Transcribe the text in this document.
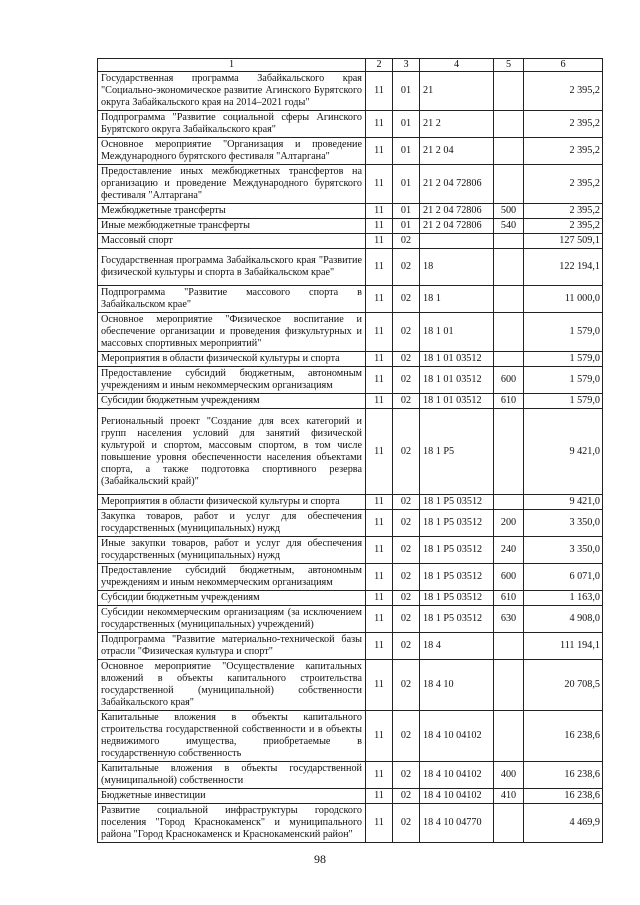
1	2	3	4	5	6
Государственная программа Забайкальского края "Социально-экономическое развитие Агинского Бурятского округа Забайкальского края на 2014–2021 годы"	11	01	21		2 395,2
Подпрограмма "Развитие социальной сферы Агинского Бурятского округа Забайкальского края"	11	01	21 2		2 395,2
Основное мероприятие "Организация и проведение Международного бурятского фестиваля "Алтаргана"	11	01	21 2 04		2 395,2
Предоставление иных межбюджетных трансфертов на организацию и проведение Международного бурятского фестиваля "Алтаргана"	11	01	21 2 04 72806		2 395,2
Межбюджетные трансферты	11	01	21 2 04 72806	500	2 395,2
Иные межбюджетные трансферты	11	01	21 2 04 72806	540	2 395,2
Массовый спорт	11	02			127 509,1
Государственная программа Забайкальского края "Развитие физической культуры и спорта в Забайкальском крае"	11	02	18		122 194,1
Подпрограмма "Развитие массового спорта в Забайкальском крае"	11	02	18 1		11 000,0
Основное мероприятие "Физическое воспитание и обеспечение организации и проведения физкультурных и массовых спортивных мероприятий"	11	02	18 1 01		1 579,0
Мероприятия в области физической культуры и спорта	11	02	18 1 01 03512		1 579,0
Предоставление субсидий бюджетным, автономным учреждениям и иным некоммерческим организациям	11	02	18 1 01 03512	600	1 579,0
Субсидии бюджетным учреждениям	11	02	18 1 01 03512	610	1 579,0
Региональный проект "Создание для всех категорий и групп населения условий для занятий физической культурой и спортом, массовым спортом, в том числе повышение уровня обеспеченности населения объектами спорта, а также подготовка спортивного резерва (Забайкальский край)"	11	02	18 1 P5		9 421,0
Мероприятия в области физической культуры и спорта	11	02	18 1 P5 03512		9 421,0
Закупка товаров, работ и услуг для обеспечения государственных (муниципальных) нужд	11	02	18 1 P5 03512	200	3 350,0
Иные закупки товаров, работ и услуг для обеспечения государственных (муниципальных) нужд	11	02	18 1 P5 03512	240	3 350,0
Предоставление субсидий бюджетным, автономным учреждениям и иным некоммерческим организациям	11	02	18 1 P5 03512	600	6 071,0
Субсидии бюджетным учреждениям	11	02	18 1 P5 03512	610	1 163,0
Субсидии некоммерческим организациям (за исключением государственных (муниципальных) учреждений)	11	02	18 1 P5 03512	630	4 908,0
Подпрограмма "Развитие материально-технической базы отрасли "Физическая культура и спорт"	11	02	18 4		111 194,1
Основное мероприятие "Осуществление капитальных вложений в объекты капитального строительства государственной (муниципальной) собственности Забайкальского края"	11	02	18 4 10		20 708,5
Капитальные вложения в объекты капитального строительства государственной собственности и в объекты недвижимого имущества, приобретаемые в государственную собственность	11	02	18 4 10 04102		16 238,6
Капитальные вложения в объекты государственной (муниципальной) собственности	11	02	18 4 10 04102	400	16 238,6
Бюджетные инвестиции	11	02	18 4 10 04102	410	16 238,6
Развитие социальной инфраструктуры городского поселения "Город Краснокаменск" и муниципального района "Город Краснокаменск и Краснокаменский район"	11	02	18 4 10 04770		4 469,9
98
